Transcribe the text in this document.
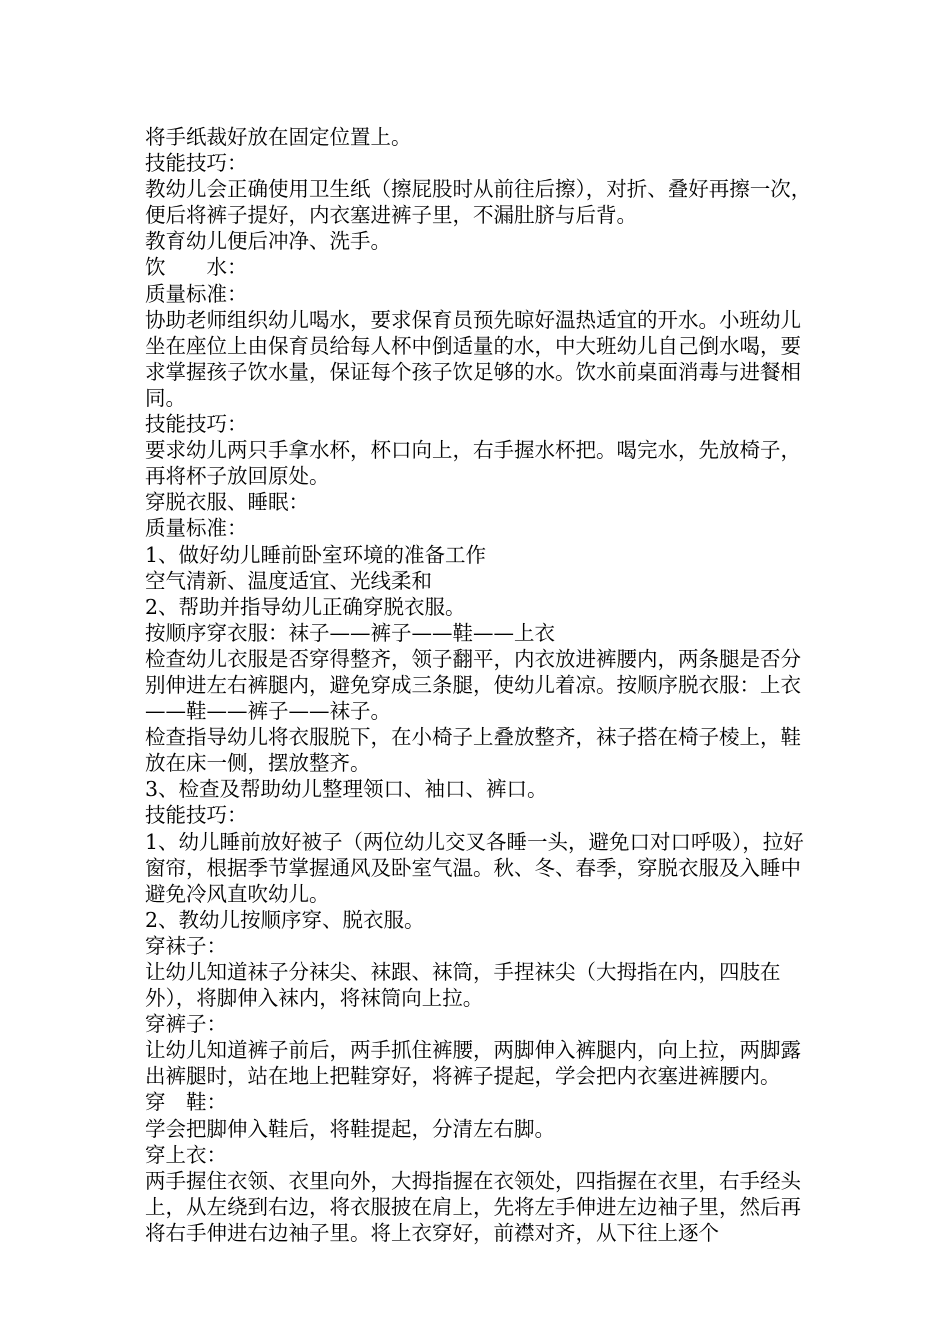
将手纸裁好放在固定位置上。

技能技巧：

教幼儿会正确使用卫生纸（擦屁股时从前往后擦），对折、叠好再擦一次，便后将裤子提好，内衣塞进裤子里，不漏肚脐与后背。

教育幼儿便后冲净、洗手。

饮　　水：

质量标准：

协助老师组织幼儿喝水，要求保育员预先晾好温热适宜的开水。小班幼儿坐在座位上由保育员给每人杯中倒适量的水，中大班幼儿自己倒水喝，要求掌握孩子饮水量，保证每个孩子饮足够的水。饮水前桌面消毒与进餐相同。

技能技巧：

要求幼儿两只手拿水杯，杯口向上，右手握水杯把。喝完水，先放椅子，再将杯子放回原处。

穿脱衣服、睡眠：

质量标准：

1、做好幼儿睡前卧室环境的准备工作

空气清新、温度适宜、光线柔和

2、帮助并指导幼儿正确穿脱衣服。

按顺序穿衣服：袜子——裤子——鞋——上衣

检查幼儿衣服是否穿得整齐，领子翻平，内衣放进裤腰内，两条腿是否分别伸进左右裤腿内，避免穿成三条腿，使幼儿着凉。按顺序脱衣服：上衣——鞋——裤子——袜子。

检查指导幼儿将衣服脱下，在小椅子上叠放整齐，袜子搭在椅子棱上，鞋放在床一侧，摆放整齐。

3、检查及帮助幼儿整理领口、袖口、裤口。

技能技巧：

1、幼儿睡前放好被子（两位幼儿交叉各睡一头，避免口对口呼吸），拉好窗帘，根据季节掌握通风及卧室气温。秋、冬、春季，穿脱衣服及入睡中避免冷风直吹幼儿。

2、教幼儿按顺序穿、脱衣服。

穿袜子：

让幼儿知道袜子分袜尖、袜跟、袜筒，手捏袜尖（大拇指在内，四肢在外），将脚伸入袜内，将袜筒向上拉。

穿裤子：

让幼儿知道裤子前后，两手抓住裤腰，两脚伸入裤腿内，向上拉，两脚露出裤腿时，站在地上把鞋穿好，将裤子提起，学会把内衣塞进裤腰内。

穿　鞋：

学会把脚伸入鞋后，将鞋提起，分清左右脚。

穿上衣：

两手握住衣领、衣里向外，大拇指握在衣领处，四指握在衣里，右手经头上，从左绕到右边，将衣服披在肩上，先将左手伸进左边袖子里，然后再将右手伸进右边袖子里。将上衣穿好，前襟对齐，从下往上逐个
